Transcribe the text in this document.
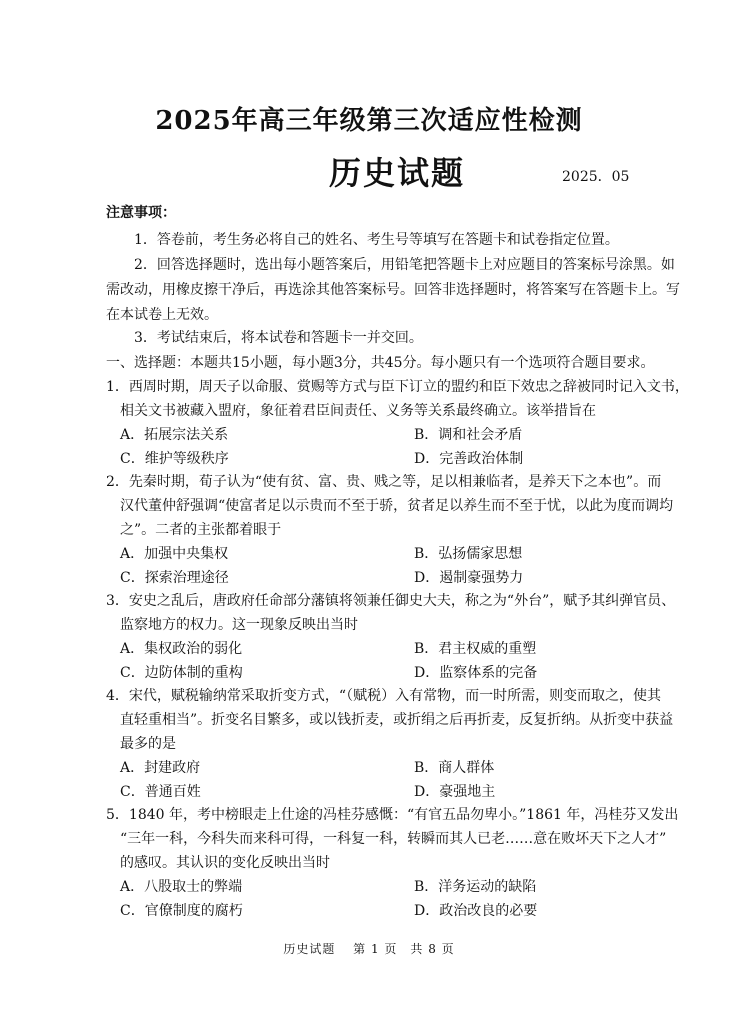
2025年高三年级第三次适应性检测
历史试题	2025．05
注意事项：
1．答卷前，考生务必将自己的姓名、考生号等填写在答题卡和试卷指定位置。
2．回答选择题时，选出每小题答案后，用铅笔把答题卡上对应题目的答案标号涂黑。如
需改动，用橡皮擦干净后，再选涂其他答案标号。回答非选择题时，将答案写在答题卡上。写
在本试卷上无效。
3．考试结束后，将本试卷和答题卡一并交回。
一、选择题：本题共15小题，每小题3分，共45分。每小题只有一个选项符合题目要求。
1．西周时期，周天子以命服、赏赐等方式与臣下订立的盟约和臣下效忠之辞被同时记入文书，
相关文书被藏入盟府，象征着君臣间责任、义务等关系最终确立。该举措旨在
A．拓展宗法关系	B．调和社会矛盾
C．维护等级秩序	D．完善政治体制
2．先秦时期，荀子认为“使有贫、富、贵、贱之等，足以相兼临者，是养天下之本也”。而
汉代董仲舒强调“使富者足以示贵而不至于骄，贫者足以养生而不至于忧，以此为度而调均
之”。二者的主张都着眼于
A．加强中央集权	B．弘扬儒家思想
C．探索治理途径	D．遏制豪强势力
3．安史之乱后，唐政府任命部分藩镇将领兼任御史大夫，称之为“外台”，赋予其纠弹官员、
监察地方的权力。这一现象反映出当时
A．集权政治的弱化	B．君主权威的重塑
C．边防体制的重构	D．监察体系的完备
4．宋代，赋税输纳常采取折变方式，“（赋税）入有常物，而一时所需，则变而取之，使其
直轻重相当”。折变名目繁多，或以钱折麦，或折绢之后再折麦，反复折纳。从折变中获益
最多的是
A．封建政府	B．商人群体
C．普通百姓	D．豪强地主
5．1840 年，考中榜眼走上仕途的冯桂芬感慨：“有官五品勿卑小。”1861 年，冯桂芬又发出
“三年一科，今科失而来科可得，一科复一科，转瞬而其人已老……意在败坏天下之人才”
的感叹。其认识的变化反映出当时
A．八股取士的弊端	B．洋务运动的缺陷
C．官僚制度的腐朽	D．政治改良的必要
历史试题　 第 1 页　共 8 页
